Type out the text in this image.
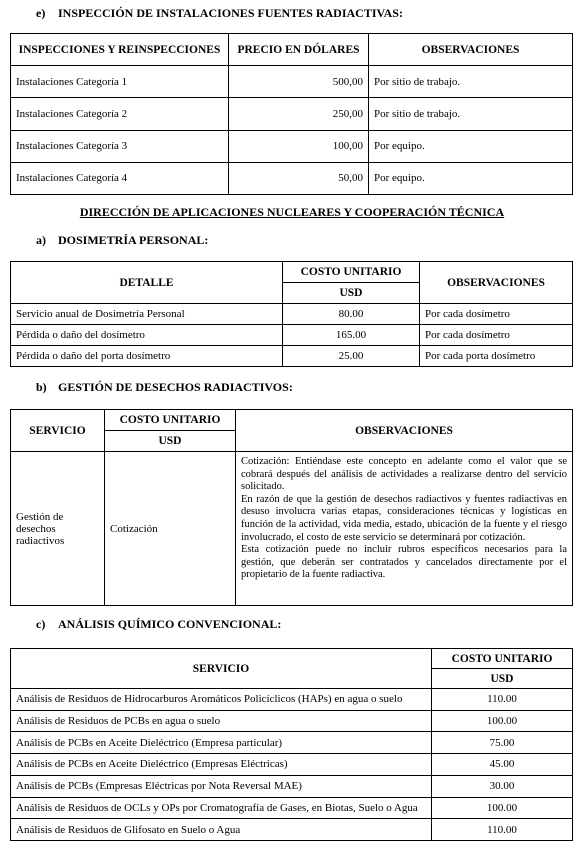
e) INSPECCIÓN DE INSTALACIONES FUENTES RADIACTIVAS:
INSPECCIONES Y REINSPECCIONES	PRECIO EN DÓLARES	OBSERVACIONES
Instalaciones Categoría 1	500,00	Por sitio de trabajo.
Instalaciones Categoría 2	250,00	Por sitio de trabajo.
Instalaciones Categoría 3	100,00	Por equipo.
Instalaciones Categoría 4	50,00	Por equipo.
DIRECCIÓN DE APLICACIONES NUCLEARES Y COOPERACIÓN TÉCNICA
a) DOSIMETRÍA PERSONAL:
DETALLE	COSTO UNITARIO	OBSERVACIONES
	USD	
Servicio anual de Dosimetría Personal	80.00	Por cada dosímetro
Pérdida o daño del dosímetro	165.00	Por cada dosímetro
Pérdida o daño del porta dosímetro	25.00	Por cada porta dosímetro
b) GESTIÓN DE DESECHOS RADIACTIVOS:
SERVICIO	COSTO UNITARIO	OBSERVACIONES
	USD	
Gestión de desechos radiactivos	Cotización	Cotización: Entiéndase este concepto en adelante como el valor que se cobrará después del análisis de actividades a realizarse dentro del servicio solicitado.

En razón de que la gestión de desechos radiactivos y fuentes radiactivas en desuso involucra varias etapas, consideraciones técnicas y logísticas en función de la actividad, vida media, estado, ubicación de la fuente y el riesgo involucrado, el costo de este servicio se determinará por cotización.

Esta cotización puede no incluir rubros específicos necesarios para la gestión, que deberán ser contratados y cancelados directamente por el propietario de la fuente radiactiva.

c) ANÁLISIS QUÍMICO CONVENCIONAL:
SERVICIO	COSTO UNITARIO
	USD
Análisis de Residuos de Hidrocarburos Aromáticos Policíclicos (HAPs) en agua o suelo	110.00
Análisis de Residuos de PCBs en agua o suelo	100.00
Análisis de PCBs en Aceite Dieléctrico (Empresa particular)	75.00
Análisis de PCBs en Aceite Dieléctrico (Empresas Eléctricas)	45.00
Análisis de PCBs (Empresas Eléctricas por Nota Reversal MAE)	30.00
Análisis de Residuos de OCLs y OPs por Cromatografía de Gases, en Biotas, Suelo o Agua	100.00
Análisis de Residuos de Glifosato en Suelo o Agua	110.00
